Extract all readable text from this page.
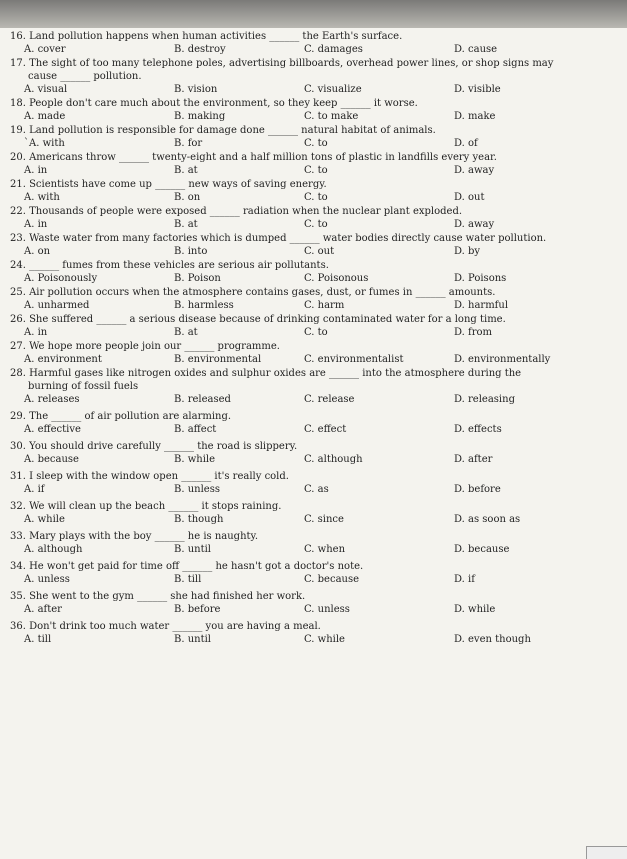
16. Land pollution happens when human activities ______ the Earth's surface.
A. cover	B. destroy	C. damages	D. cause
17. The sight of too many telephone poles, advertising billboards, overhead power lines, or shop signs may
cause ______ pollution.
A. visual	B. vision	C. visualize	D. visible
18. People don't care much about the environment, so they keep ______ it worse.
A. made	B. making	C. to make	D. make
19. Land pollution is responsible for damage done ______ natural habitat of animals.
`A. with	B. for	C. to	D. of
20. Americans throw ______ twenty-eight and a half million tons of plastic in landfills every year.
A. in	B. at	C. to	D. away
21. Scientists have come up ______ new ways of saving energy.
A. with	B. on	C. to	D. out
22. Thousands of people were exposed ______ radiation when the nuclear plant exploded.
A. in	B. at	C. to	D. away
23. Waste water from many factories which is dumped ______ water bodies directly cause water pollution.
A. on	B. into	C. out	D. by
24. ______ fumes from these vehicles are serious air pollutants.
A. Poisonously	B. Poison	C. Poisonous	D. Poisons
25. Air pollution occurs when the atmosphere contains gases, dust, or fumes in ______ amounts.
A. unharmed	B. harmless	C. harm	D. harmful
26. She suffered ______ a serious disease because of drinking contaminated water for a long time.
A. in	B. at	C. to	D. from
27. We hope more people join our ______ programme.
A. environment	B. environmental	C. environmentalist	D. environmentally
28. Harmful gases like nitrogen oxides and sulphur oxides are ______ into the atmosphere during the
burning of fossil fuels
A. releases	B. released	C. release	D. releasing
29. The ______ of air pollution are alarming.
A. effective	B. affect	C. effect	D. effects
30. You should drive carefully ______ the road is slippery.
A. because	B. while	C. although	D. after
31. I sleep with the window open ______ it's really cold.
A. if	B. unless	C. as	D. before
32. We will clean up the beach ______ it stops raining.
A. while	B. though	C. since	D. as soon as
33. Mary plays with the boy ______ he is naughty.
A. although	B. until	C. when	D. because
34. He won't get paid for time off ______ he hasn't got a doctor's note.
A. unless	B. till	C. because	D. if
35. She went to the gym ______ she had finished her work.
A. after	B. before	C. unless	D. while
36. Don't drink too much water ______ you are having a meal.
A. till	B. until	C. while	D. even though
